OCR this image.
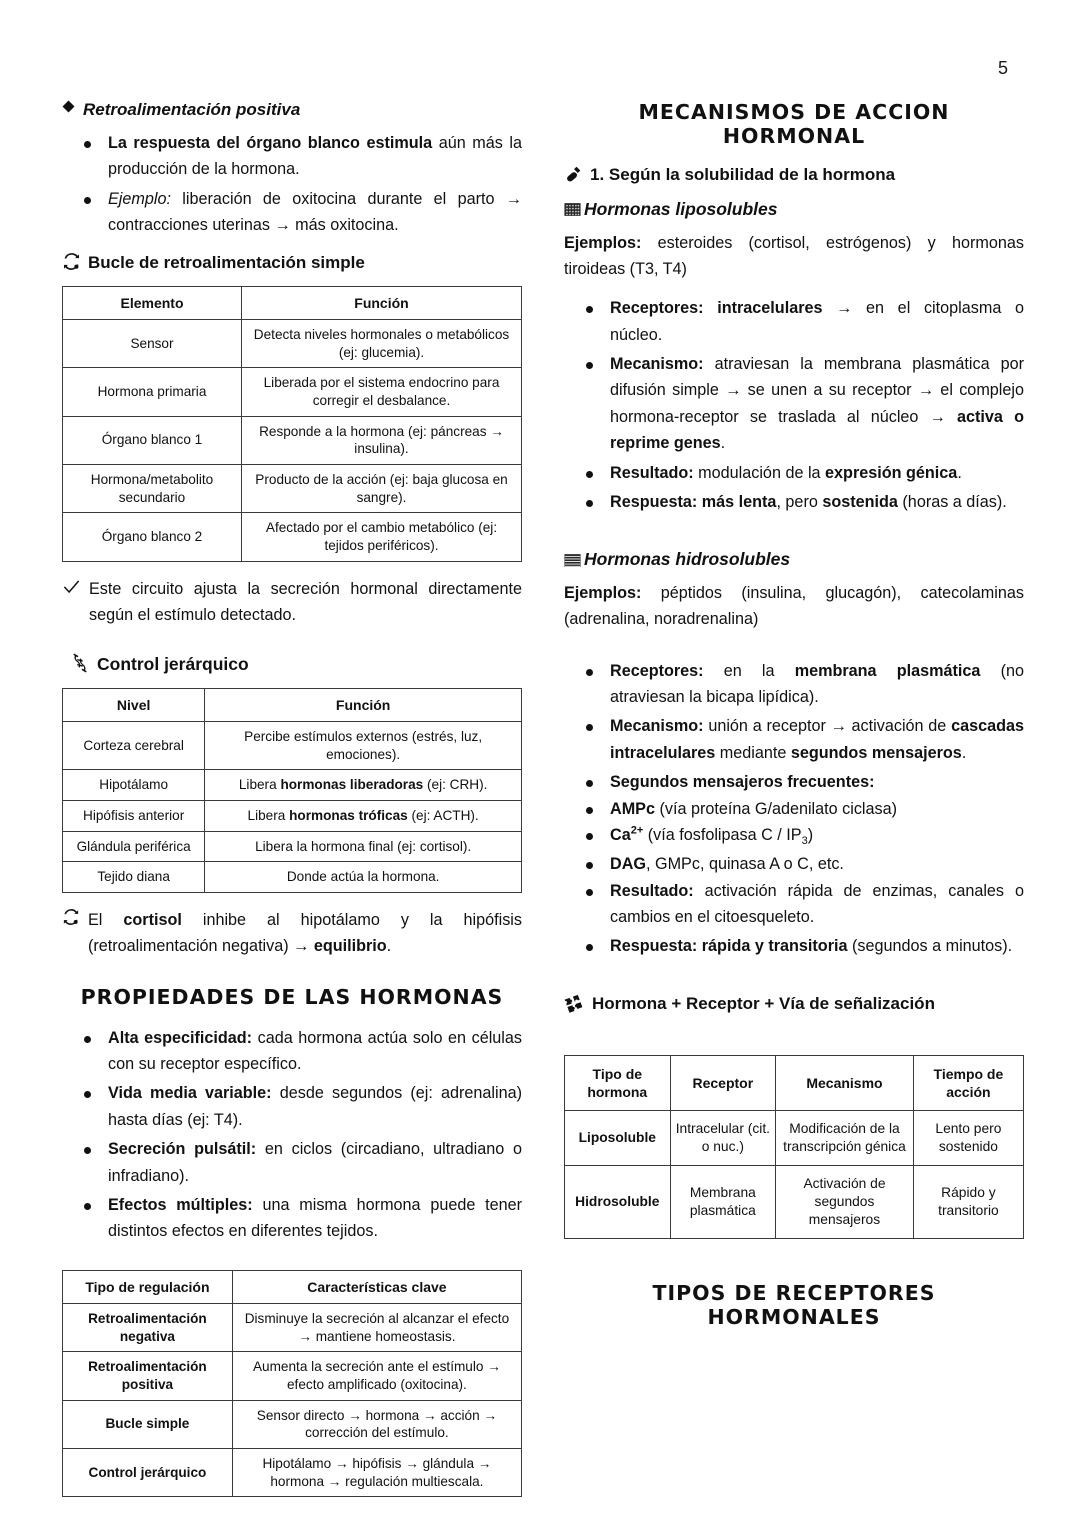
5
Retroalimentación positiva
La respuesta del órgano blanco estimula aún más la producción de la hormona.
Ejemplo: liberación de oxitocina durante el parto → contracciones uterinas → más oxitocina.
Bucle de retroalimentación simple
Elemento	Función
Sensor	Detecta niveles hormonales o metabólicos (ej: glucemia).
Hormona primaria	Liberada por el sistema endocrino para corregir el desbalance.
Órgano blanco 1	Responde a la hormona (ej: páncreas → insulina).
Hormona/metabolito secundario	Producto de la acción (ej: baja glucosa en sangre).
Órgano blanco 2	Afectado por el cambio metabólico (ej: tejidos periféricos).

Este circuito ajusta la secreción hormonal directamente según el estímulo detectado.

Control jerárquico
Nivel	Función
Corteza cerebral	Percibe estímulos externos (estrés, luz, emociones).
Hipotálamo	Libera hormonas liberadoras (ej: CRH).
Hipófisis anterior	Libera hormonas tróficas (ej: ACTH).
Glándula periférica	Libera la hormona final (ej: cortisol).
Tejido diana	Donde actúa la hormona.

El cortisol inhibe al hipotálamo y la hipófisis (retroalimentación negativa) → equilibrio.

PROPIEDADES DE LAS HORMONAS
Alta especificidad: cada hormona actúa solo en células con su receptor específico.
Vida media variable: desde segundos (ej: adrenalina) hasta días (ej: T4).
Secreción pulsátil: en ciclos (circadiano, ultradiano o infradiano).
Efectos múltiples: una misma hormona puede tener distintos efectos en diferentes tejidos.
Tipo de regulación	Características clave
Retroalimentación negativa	Disminuye la secreción al alcanzar el efecto → mantiene homeostasis.
Retroalimentación positiva	Aumenta la secreción ante el estímulo → efecto amplificado (oxitocina).
Bucle simple	Sensor directo → hormona → acción → corrección del estímulo.
Control jerárquico	Hipotálamo → hipófisis → glándula → hormona → regulación multiescala.
MECANISMOS DE ACCION HORMONAL
1. Según la solubilidad de la hormona
Hormonas liposolubles

Ejemplos: esteroides (cortisol, estrógenos) y hormonas tiroideas (T3, T4)

Receptores: intracelulares → en el citoplasma o núcleo.
Mecanismo: atraviesan la membrana plasmática por difusión simple → se unen a su receptor → el complejo hormona-receptor se traslada al núcleo → activa o reprime genes.
Resultado: modulación de la expresión génica.
Respuesta: más lenta, pero sostenida (horas a días).
Hormonas hidrosolubles

Ejemplos: péptidos (insulina, glucagón), catecolaminas (adrenalina, noradrenalina)

Receptores: en la membrana plasmática (no atraviesan la bicapa lipídica).
Mecanismo: unión a receptor → activación de cascadas intracelulares mediante segundos mensajeros.
Segundos mensajeros frecuentes:
AMPc (vía proteína G/adenilato ciclasa)
$Ca^{2+}$ (vía fosfolipasa C / $IP_3$)
DAG, GMPc, quinasa A o C, etc.
Resultado: activación rápida de enzimas, canales o cambios en el citoesqueleto.
Respuesta: rápida y transitoria (segundos a minutos).
Hormona + Receptor + Vía de señalización
Tipo de hormona	Receptor	Mecanismo	Tiempo de acción
Liposoluble	Intracelular (cit. o nuc.)	Modificación de la transcripción génica	Lento pero sostenido
Hidrosoluble	Membrana plasmática	Activación de segundos mensajeros	Rápido y transitorio
TIPOS DE RECEPTORES HORMONALES
